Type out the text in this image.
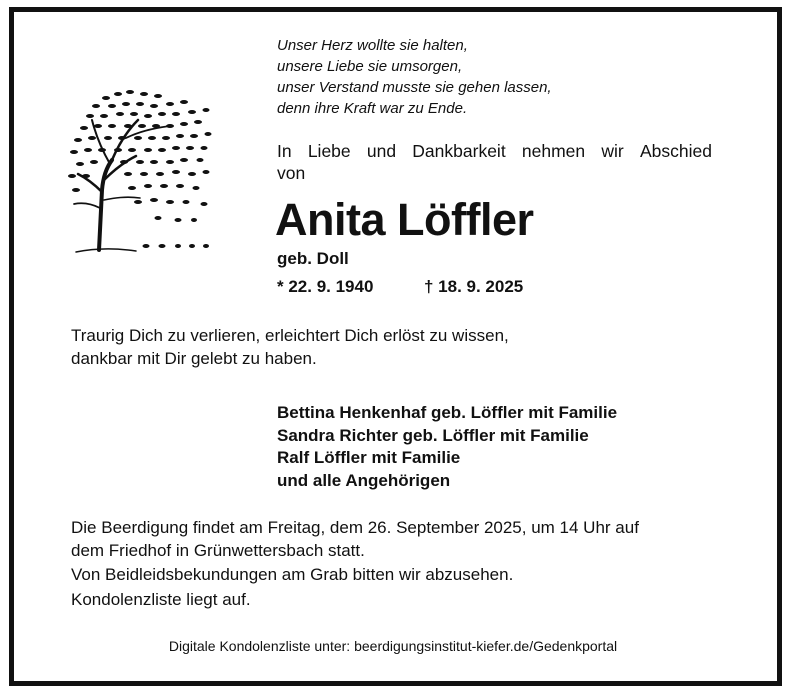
Unser Herz wollte sie halten,
unsere Liebe sie umsorgen,
unser Verstand musste sie gehen lassen,
denn ihre Kraft war zu Ende.
In Liebe und Dankbarkeit nehmen wir Abschied
von
Anita Löffler
geb. Doll
* 22. 9. 1940	† 18. 9. 2025
Traurig Dich zu verlieren, erleichtert Dich erlöst zu wissen,
dankbar mit Dir gelebt zu haben.
Bettina Henkenhaf geb. Löffler mit Familie
Sandra Richter geb. Löffler mit Familie
Ralf Löffler mit Familie
und alle Angehörigen
Die Beerdigung findet am Freitag, dem 26. September 2025, um 14 Uhr auf
dem Friedhof in Grünwettersbach statt.
Von Beidleidsbekundungen am Grab bitten wir abzusehen.
Kondolenzliste liegt auf.
Digitale Kondolenzliste unter: beerdigungsinstitut-kiefer.de/Gedenkportal
